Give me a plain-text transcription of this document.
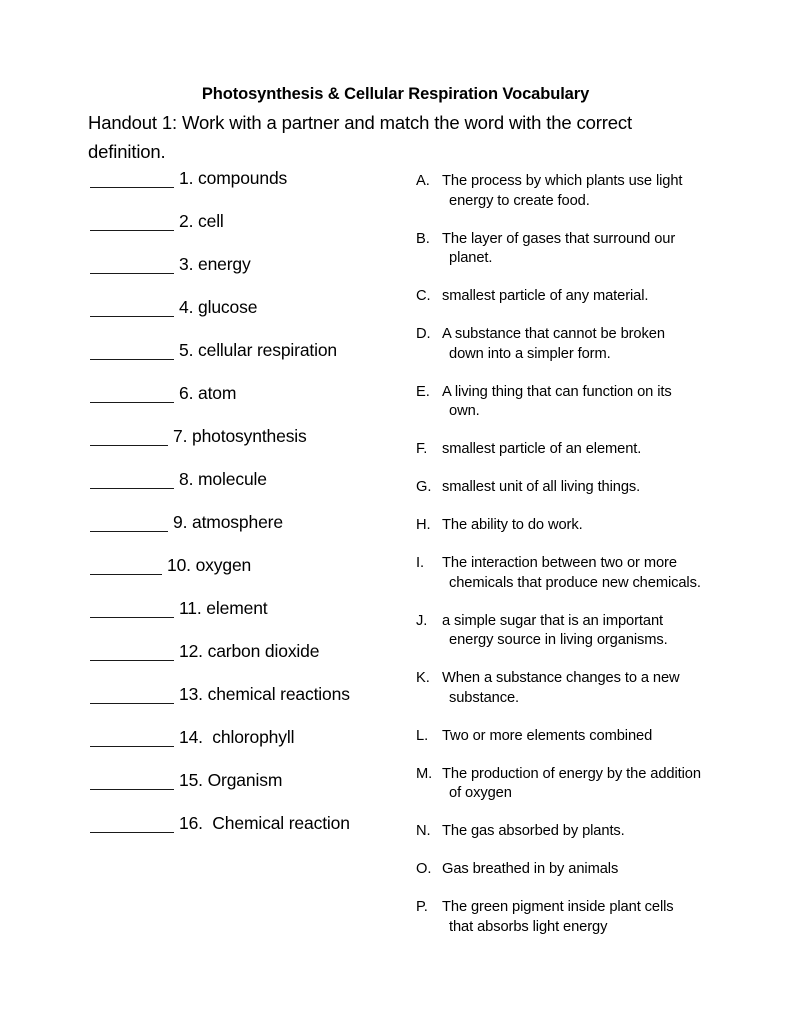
Photosynthesis & Cellular Respiration Vocabulary
Handout 1: Work with a partner and match the word with the correct definition.
1. compounds
2. cell
3. energy
4. glucose
5. cellular respiration
6. atom
7. photosynthesis
8. molecule
9. atmosphere
10. oxygen
11. element
12. carbon dioxide
13. chemical reactions
14.  chlorophyll
15. Organism
16.  Chemical reaction
A. The process by which plants use light
energy to create food.
B. The layer of gases that surround our
planet.
C. smallest particle of any material.
D. A substance that cannot be broken
down into a simpler form.
E. A living thing that can function on its
own.
F.	smallest particle of an element.
G. smallest unit of all living things.
H. The ability to do work.
I.	The interaction between two or more
chemicals that produce new chemicals.
J.	a simple sugar that is an important
energy source in living organisms.
K. When a substance changes to a new
substance.
L. Two or more elements combined
M. The production of energy by the addition
of oxygen
N. The gas absorbed by plants.
O. Gas breathed in by animals
P. The green pigment inside plant cells
that absorbs light energy
